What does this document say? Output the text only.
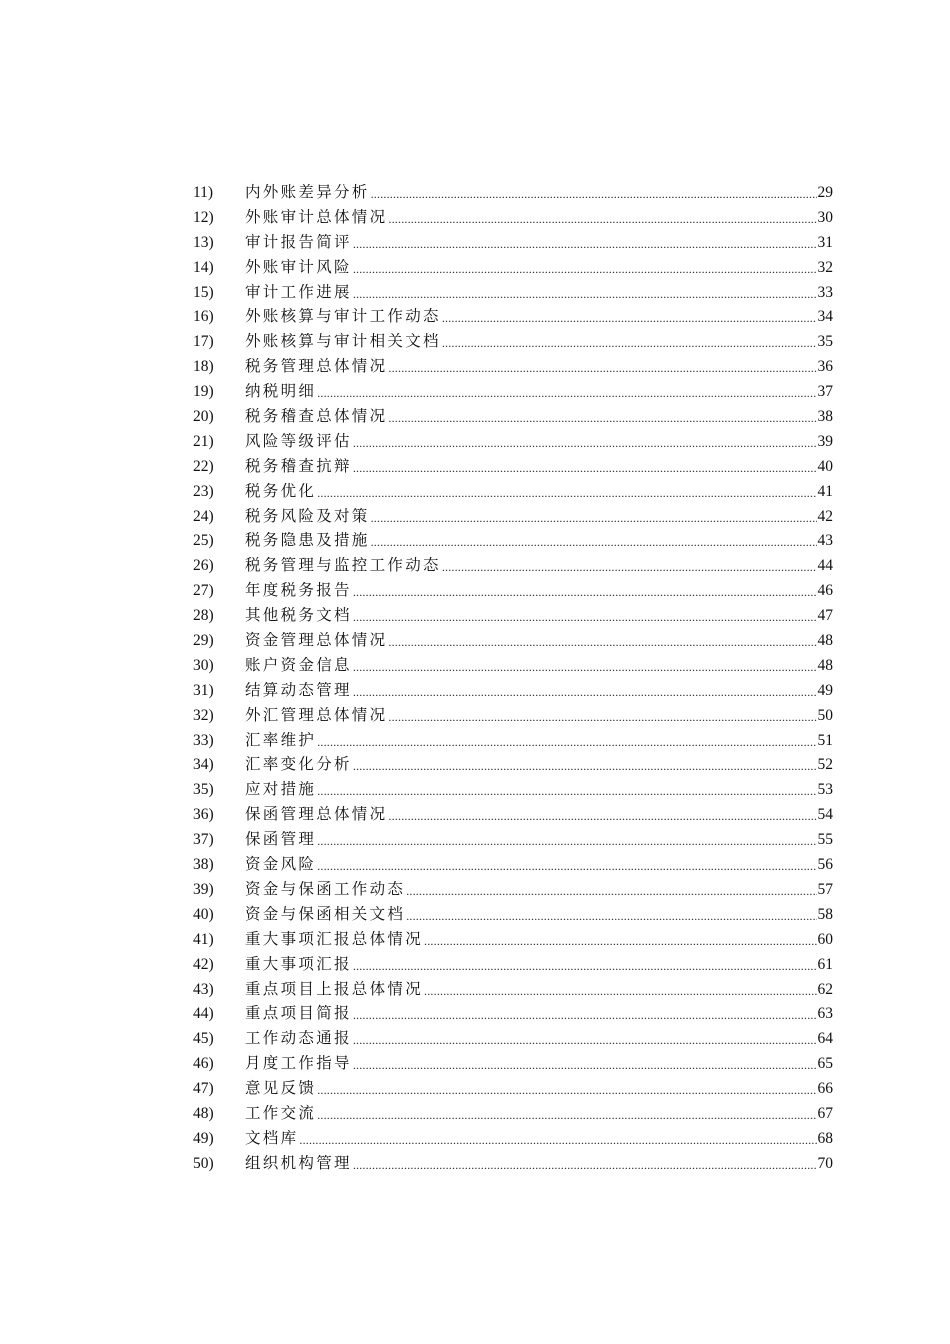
11)	内外账差异分析 .....	29
12)	外账审计总体情况 .....	30
13)	审计报告简评 .....	31
14)	外账审计风险 .....	32
15)	审计工作进展 .....	33
16)	外账核算与审计工作动态 .....	34
17)	外账核算与审计相关文档 .....	35
18)	税务管理总体情况 .....	36
19)	纳税明细 .....	37
20)	税务稽查总体情况 .....	38
21)	风险等级评估 .....	39
22)	税务稽查抗辩 .....	40
23)	税务优化 .....	41
24)	税务风险及对策 .....	42
25)	税务隐患及措施 .....	43
26)	税务管理与监控工作动态 .....	44
27)	年度税务报告 .....	46
28)	其他税务文档 .....	47
29)	资金管理总体情况 .....	48
30)	账户资金信息 .....	48
31)	结算动态管理 .....	49
32)	外汇管理总体情况 .....	50
33)	汇率维护 .....	51
34)	汇率变化分析 .....	52
35)	应对措施 .....	53
36)	保函管理总体情况 .....	54
37)	保函管理 .....	55
38)	资金风险 .....	56
39)	资金与保函工作动态 .....	57
40)	资金与保函相关文档 .....	58
41)	重大事项汇报总体情况 .....	60
42)	重大事项汇报 .....	61
43)	重点项目上报总体情况 .....	62
44)	重点项目简报 .....	63
45)	工作动态通报 .....	64
46)	月度工作指导 .....	65
47)	意见反馈 .....	66
48)	工作交流 .....	67
49)	文档库 .....	68
50)	组织机构管理 .....	70
